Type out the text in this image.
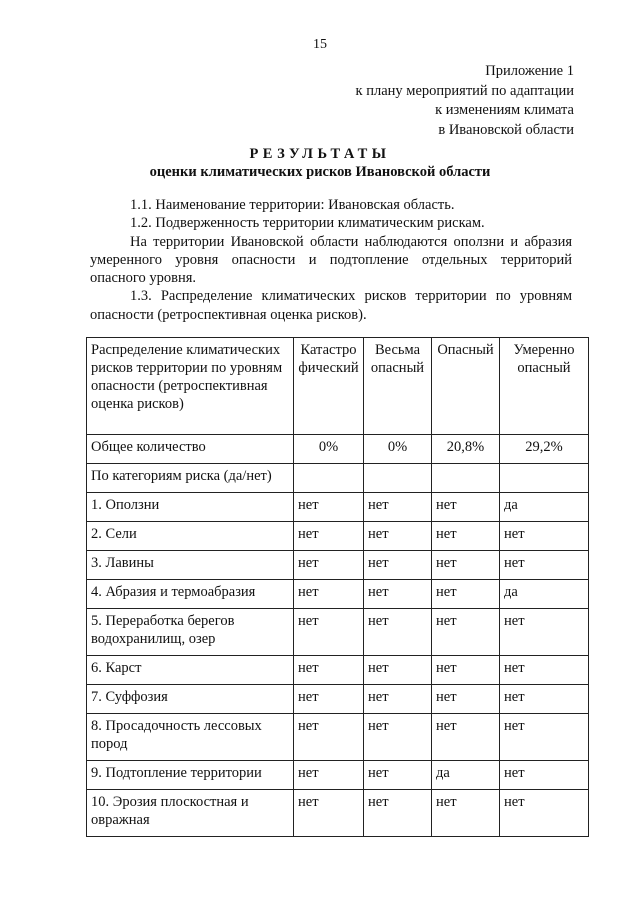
15
Приложение 1
к плану мероприятий по адаптации
к изменениям климата
в Ивановской области
РЕЗУЛЬТАТЫ
оценки климатических рисков Ивановской области

1.1. Наименование территории: Ивановская область.

1.2. Подверженность территории климатическим рискам.

На территории Ивановской области наблюдаются оползни и абразия умеренного уровня опасности и подтопление отдельных территорий опасного уровня.

1.3. Распределение климатических рисков территории по уровням опасности (ретроспективная оценка рисков).

Распределение климатических рисков территории по уровням опасности (ретроспективная оценка рисков)	Катастро фический	Весьма опасный	Опасный	Умеренно опасный
Общее количество	0%	0%	20,8%	29,2%
По категориям риска (да/нет)				
1. Оползни	нет	нет	нет	да
2. Сели	нет	нет	нет	нет
3. Лавины	нет	нет	нет	нет
4. Абразия и термоабразия	нет	нет	нет	да
5. Переработка берегов водохранилищ, озер	нет	нет	нет	нет
6. Карст	нет	нет	нет	нет
7. Суффозия	нет	нет	нет	нет
8. Просадочность лессовых пород	нет	нет	нет	нет
9. Подтопление территории	нет	нет	да	нет
10. Эрозия плоскостная и овражная	нет	нет	нет	нет
